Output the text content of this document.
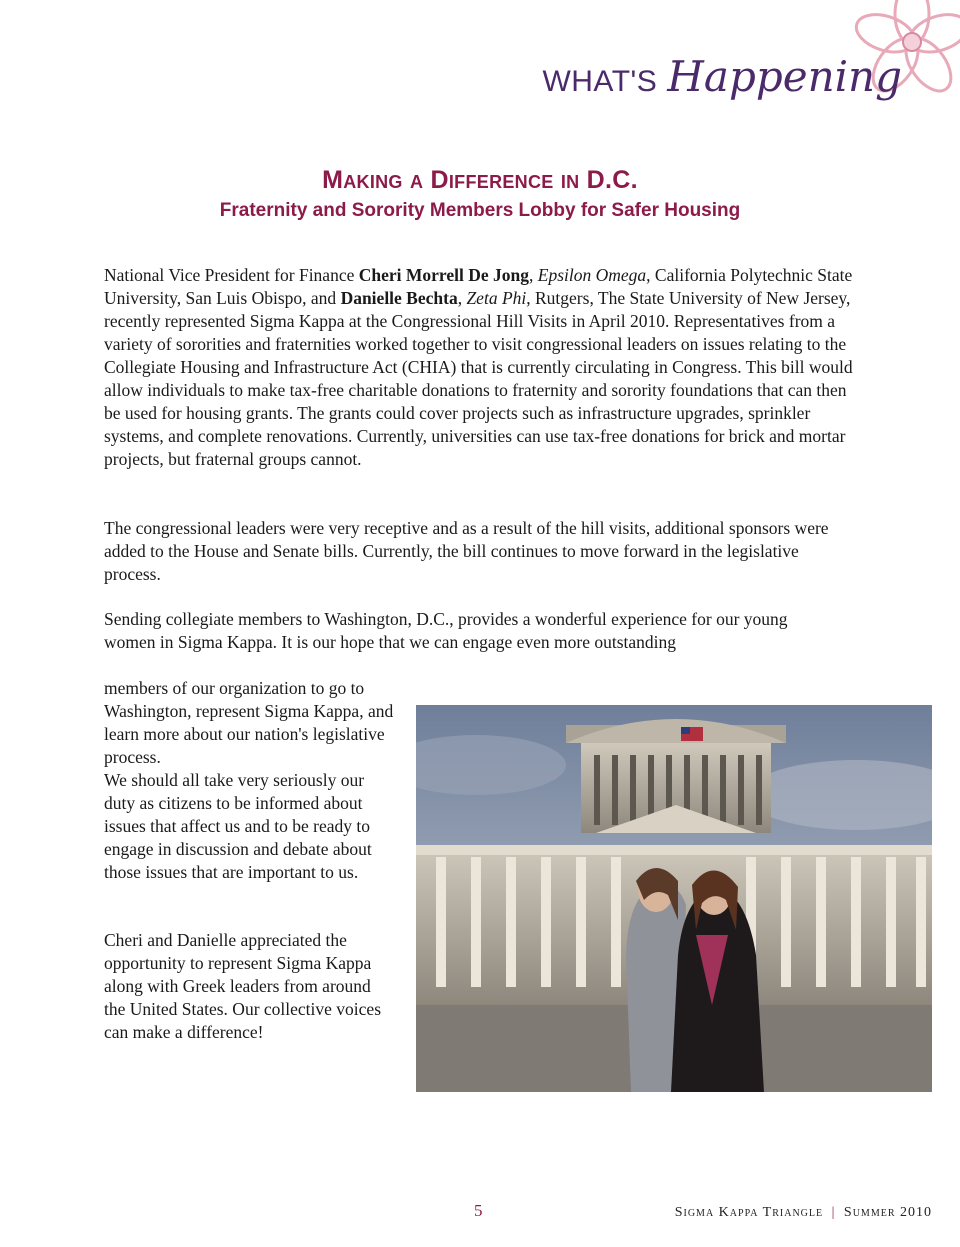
WHAT'S Happening
Making a Difference in D.C.
Fraternity and Sorority Members Lobby for Safer Housing

National Vice President for Finance Cheri Morrell De Jong, Epsilon Omega, California Polytechnic State University, San Luis Obispo, and Danielle Bechta, Zeta Phi, Rutgers, The State University of New Jersey, recently represented Sigma Kappa at the Congressional Hill Visits in April 2010. Representatives from a variety of sororities and fraternities worked together to visit congressional leaders on issues relating to the Collegiate Housing and Infrastructure Act (CHIA) that is currently circulating in Congress. This bill would allow individuals to make tax-free charitable donations to fraternity and sorority foundations that can then be used for housing grants. The grants could cover projects such as infrastructure upgrades, sprinkler systems, and complete renovations. Currently, universities can use tax-free donations for brick and mortar projects, but fraternal groups cannot.

The congressional leaders were very receptive and as a result of the hill visits, additional sponsors were added to the House and Senate bills. Currently, the bill continues to move forward in the legislative process.

Sending collegiate members to Washington, D.C., provides a wonderful experience for our young women in Sigma Kappa. It is our hope that we can engage even more outstanding

members of our organization to go to Washington, represent Sigma Kappa, and learn more about our nation's legislative process.

We should all take very seriously our duty as citizens to be informed about issues that affect us and to be ready to engage in discussion and debate about those issues that are important to us.

Cheri and Danielle appreciated the opportunity to represent Sigma Kappa along with Greek leaders from around the United States. Our collective voices can make a difference!

5	Sigma Kappa Triangle | Summer 2010
